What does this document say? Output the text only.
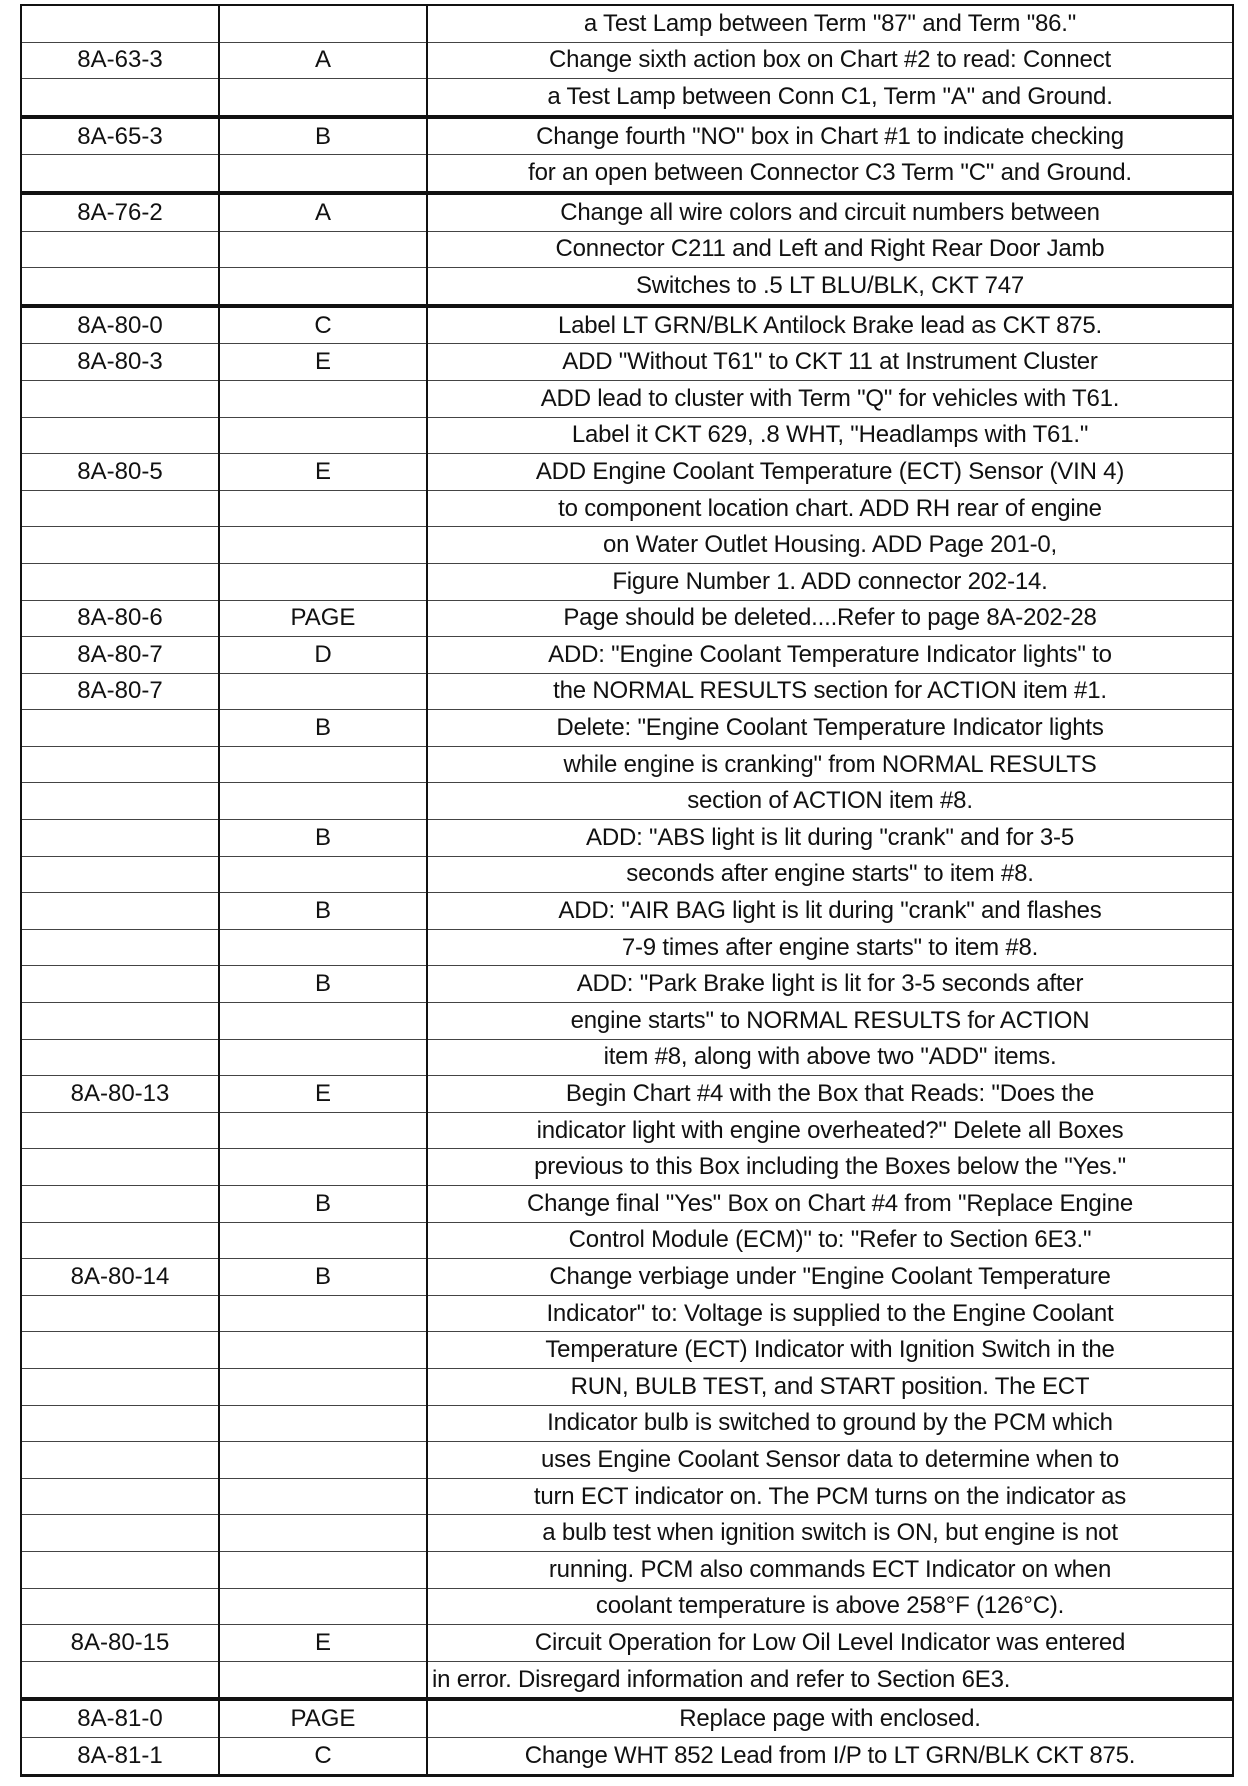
		a Test Lamp between Term "87" and Term "86."
8A-63-3	A	Change sixth action box on Chart #2 to read: Connect
		a Test Lamp between Conn C1, Term "A" and Ground.
8A-65-3	B	Change fourth "NO" box in Chart #1 to indicate checking
		for an open between Connector C3 Term "C" and Ground.
8A-76-2	A	Change all wire colors and circuit numbers between
		Connector C211 and Left and Right Rear Door Jamb
		Switches to .5 LT BLU/BLK, CKT 747
8A-80-0	C	Label LT GRN/BLK Antilock Brake lead as CKT 875.
8A-80-3	E	ADD "Without T61" to CKT 11 at Instrument Cluster
		ADD lead to cluster with Term "Q" for vehicles with T61.
		Label it CKT 629, .8 WHT, "Headlamps with T61."
8A-80-5	E	ADD Engine Coolant Temperature (ECT) Sensor (VIN 4)
		to component location chart. ADD RH rear of engine
		on Water Outlet Housing. ADD Page 201-0,
		Figure Number 1. ADD connector 202-14.
8A-80-6	PAGE	Page should be deleted....Refer to page 8A-202-28
8A-80-7	D	ADD: "Engine Coolant Temperature Indicator lights" to
8A-80-7		the NORMAL RESULTS section for ACTION item #1.
	B	Delete: "Engine Coolant Temperature Indicator lights
		while engine is cranking" from NORMAL RESULTS
		section of ACTION item #8.
	B	ADD: "ABS light is lit during "crank" and for 3-5
		seconds after engine starts" to item #8.
	B	ADD: "AIR BAG light is lit during "crank" and flashes
		7-9 times after engine starts" to item #8.
	B	ADD: "Park Brake light is lit for 3-5 seconds after
		engine starts" to NORMAL RESULTS for ACTION
		item #8, along with above two "ADD" items.
8A-80-13	E	Begin Chart #4 with the Box that Reads: "Does the
		indicator light with engine overheated?" Delete all Boxes
		previous to this Box including the Boxes below the "Yes."
	B	Change final "Yes" Box on Chart #4 from "Replace Engine
		Control Module (ECM)" to: "Refer to Section 6E3."
8A-80-14	B	Change verbiage under "Engine Coolant Temperature
		Indicator" to: Voltage is supplied to the Engine Coolant
		Temperature (ECT) Indicator with Ignition Switch in the
		RUN, BULB TEST, and START position. The ECT
		Indicator bulb is switched to ground by the PCM which
		uses Engine Coolant Sensor data to determine when to
		turn ECT indicator on. The PCM turns on the indicator as
		a bulb test when ignition switch is ON, but engine is not
		running. PCM also commands ECT Indicator on when
		coolant temperature is above 258°F (126°C).
8A-80-15	E	Circuit Operation for Low Oil Level Indicator was entered
		in error. Disregard information and refer to Section 6E3.
8A-81-0	PAGE	Replace page with enclosed.
8A-81-1	C	Change WHT 852 Lead from I/P to LT GRN/BLK CKT 875.
